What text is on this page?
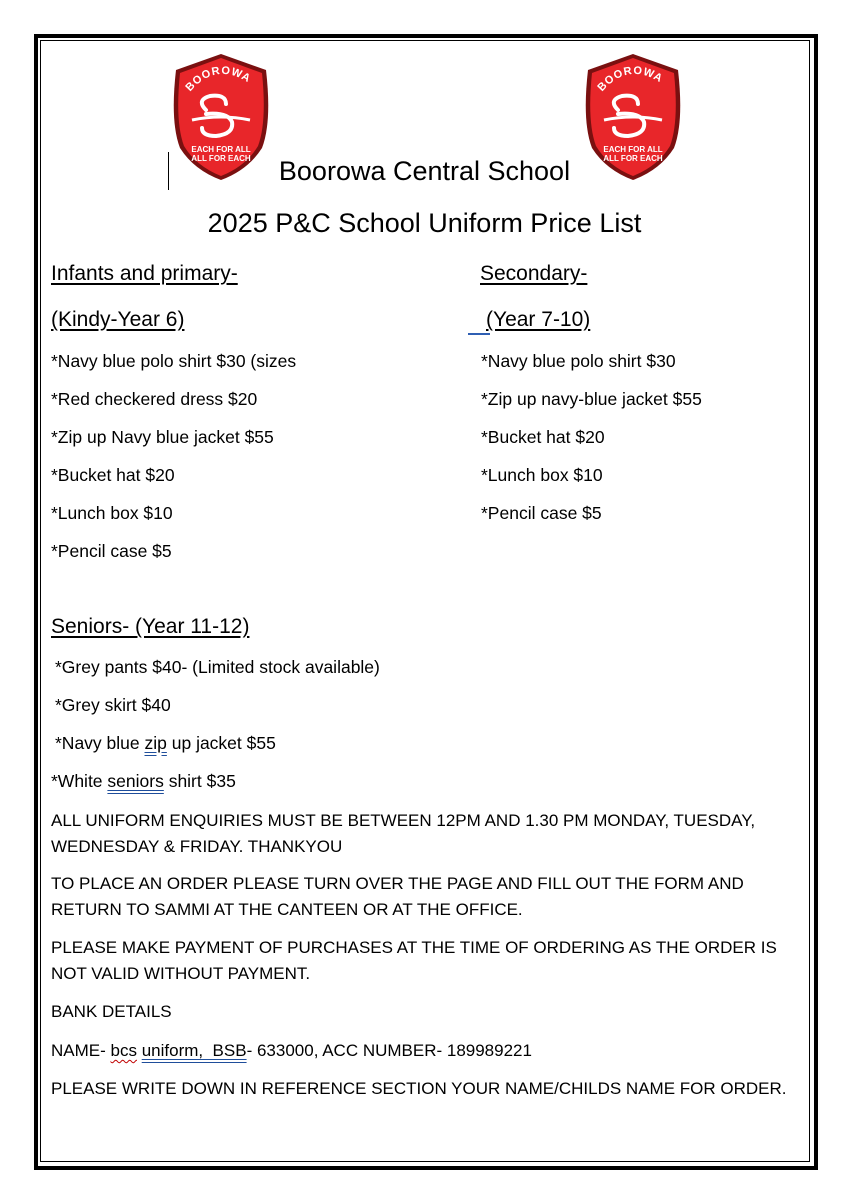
BOOROWA
EACH FOR ALL
ALL FOR EACH
BOOROWA
EACH FOR ALL
ALL FOR EACH
Boorowa Central School
2025 P&C School Uniform Price List
Infants and primary-
(Kindy-Year 6)
*Navy blue polo shirt $30 (sizes
*Red checkered dress $20
*Zip up Navy blue jacket $55
*Bucket hat $20
*Lunch box $10
*Pencil case $5
Secondary-
(Year 7-10)
*Navy blue polo shirt $30
*Zip up navy-blue jacket $55
*Bucket hat $20
*Lunch box $10
*Pencil case $5
Seniors- (Year 11-12)
*Grey pants $40- (Limited stock available)
*Grey skirt $40
*Navy blue zip up jacket $55
*White seniors shirt $35
ALL UNIFORM ENQUIRIES MUST BE BETWEEN 12PM AND 1.30 PM MONDAY, TUESDAY, WEDNESDAY & FRIDAY. THANKYOU
TO PLACE AN ORDER PLEASE TURN OVER THE PAGE AND FILL OUT THE FORM AND RETURN TO SAMMI AT THE CANTEEN OR AT THE OFFICE.
PLEASE MAKE PAYMENT OF PURCHASES AT THE TIME OF ORDERING AS THE ORDER IS NOT VALID WITHOUT PAYMENT.
BANK DETAILS
NAME- bcs uniform,  BSB- 633000, ACC NUMBER- 189989221
PLEASE WRITE DOWN IN REFERENCE SECTION YOUR NAME/CHILDS NAME FOR ORDER.
